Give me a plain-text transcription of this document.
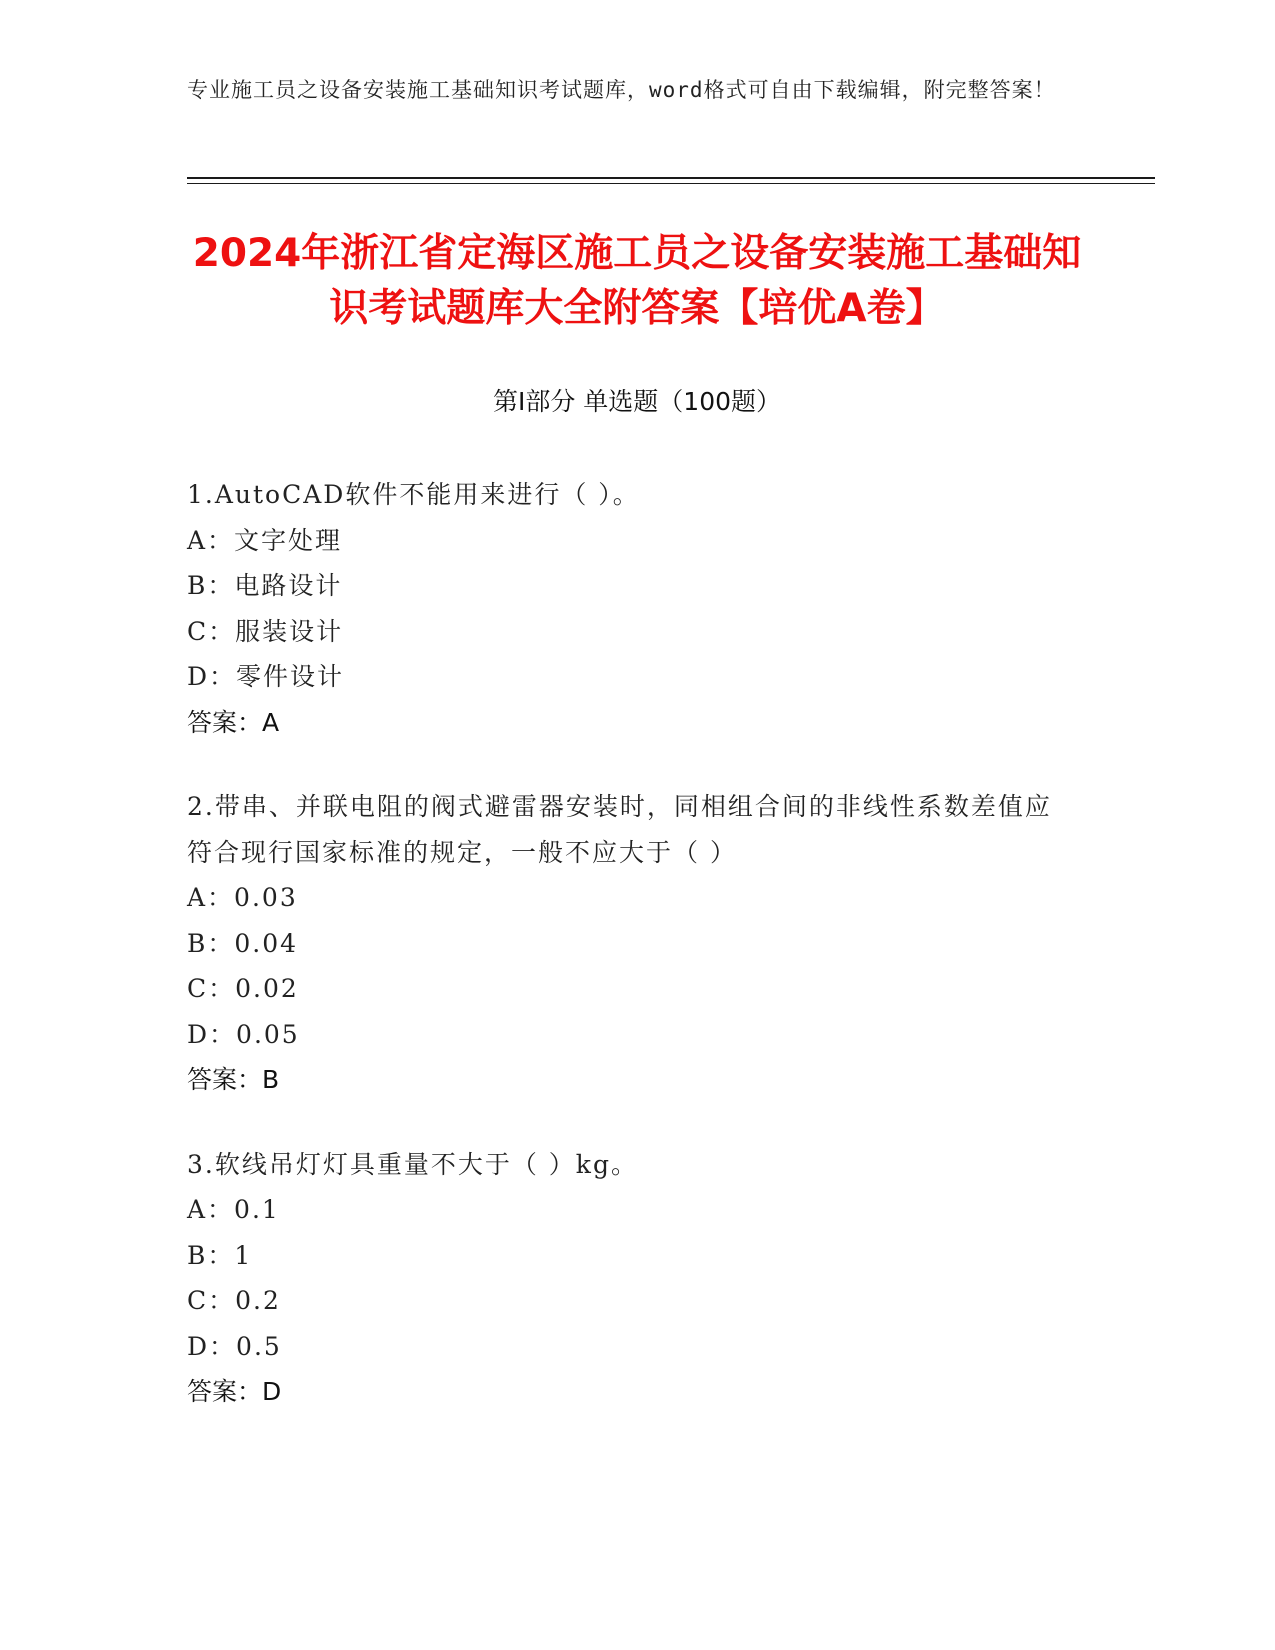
专业施工员之设备安装施工基础知识考试题库，word格式可自由下载编辑，附完整答案！
2024年浙江省定海区施工员之设备安装施工基础知识考试题库大全附答案【培优A卷】
第I部分 单选题（100题）
1.AutoCAD软件不能用来进行（ ）。
A：文字处理
B：电路设计
C：服装设计
D：零件设计
答案：A
2.带串、并联电阻的阀式避雷器安装时，同相组合间的非线性系数差值应符合现行国家标准的规定，一般不应大于（ ）
A：0.03
B：0.04
C：0.02
D：0.05
答案：B
3.软线吊灯灯具重量不大于（ ）kg。
A：0.1
B：1
C：0.2
D：0.5
答案：D
